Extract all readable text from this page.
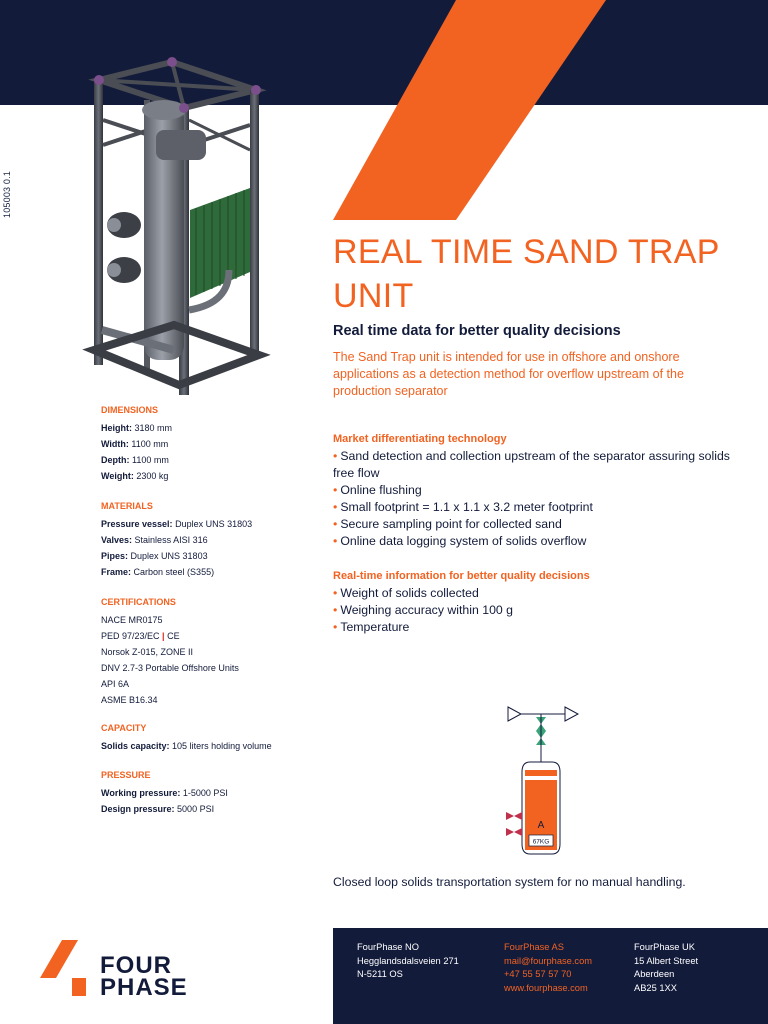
105003 0.1
REAL TIME SAND TRAP UNIT
Real time data for better quality decisions
The Sand Trap unit is intended for use in offshore and onshore applications as a detection method for overflow upstream of the production separator
Market differentiating technology
• Sand detection and collection upstream of the separator assuring solids free flow
• Online flushing
• Small footprint = 1.1 x 1.1 x 3.2 meter footprint
• Secure sampling point for collected sand
• Online data logging system of solids overflow
Real-time information for better quality decisions
• Weight of solids collected
• Weighing accuracy within 100 g
• Temperature
DIMENSIONS
Height: 3180 mm
Width: 1100 mm
Depth: 1100 mm
Weight: 2300 kg
MATERIALS
Pressure vessel: Duplex UNS 31803
Valves: Stainless AISI 316
Pipes: Duplex UNS 31803
Frame: Carbon steel (S355)
CERTIFICATIONS
NACE MR0175
PED 97/23/EC | CE
Norsok Z-015, ZONE II
DNV 2.7-3 Portable Offshore Units
API 6A
ASME B16.34
CAPACITY
Solids capacity: 105 liters holding volume
PRESSURE
Working pressure: 1-5000 PSI
Design pressure: 5000 PSI
A
67KG
Closed loop solids transportation system for no manual handling.
FourPhase NO
Hegglandsdalsveien 271
N-5211 OS
FourPhase AS
mail@fourphase.com
+47 55 57 57 70
www.fourphase.com
FourPhase UK
15 Albert Street
Aberdeen
AB25 1XX
FOUR
PHASE
